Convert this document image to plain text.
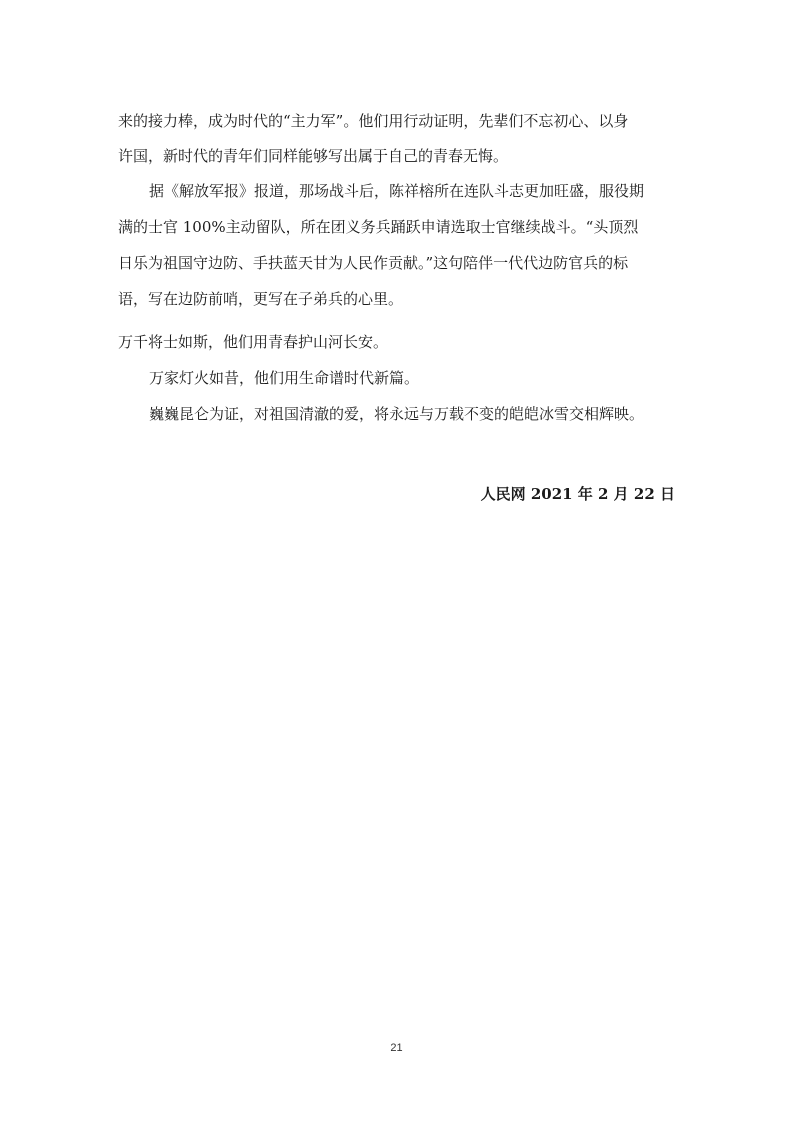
来的接力棒，成为时代的“主力军”。他们用行动证明，先辈们不忘初心、以身
许国，新时代的青年们同样能够写出属于自己的青春无悔。
据《解放军报》报道，那场战斗后，陈祥榕所在连队斗志更加旺盛，服役期
满的士官 100%主动留队，所在团义务兵踊跃申请选取士官继续战斗。“头顶烈
日乐为祖国守边防、手扶蓝天甘为人民作贡献。”这句陪伴一代代边防官兵的标
语，写在边防前哨，更写在子弟兵的心里。
万千将士如斯，他们用青春护山河长安。
万家灯火如昔，他们用生命谱时代新篇。
巍巍昆仑为证，对祖国清澈的爱，将永远与万载不变的皑皑冰雪交相辉映。
人民网 2021 年 2 月 22 日
21
